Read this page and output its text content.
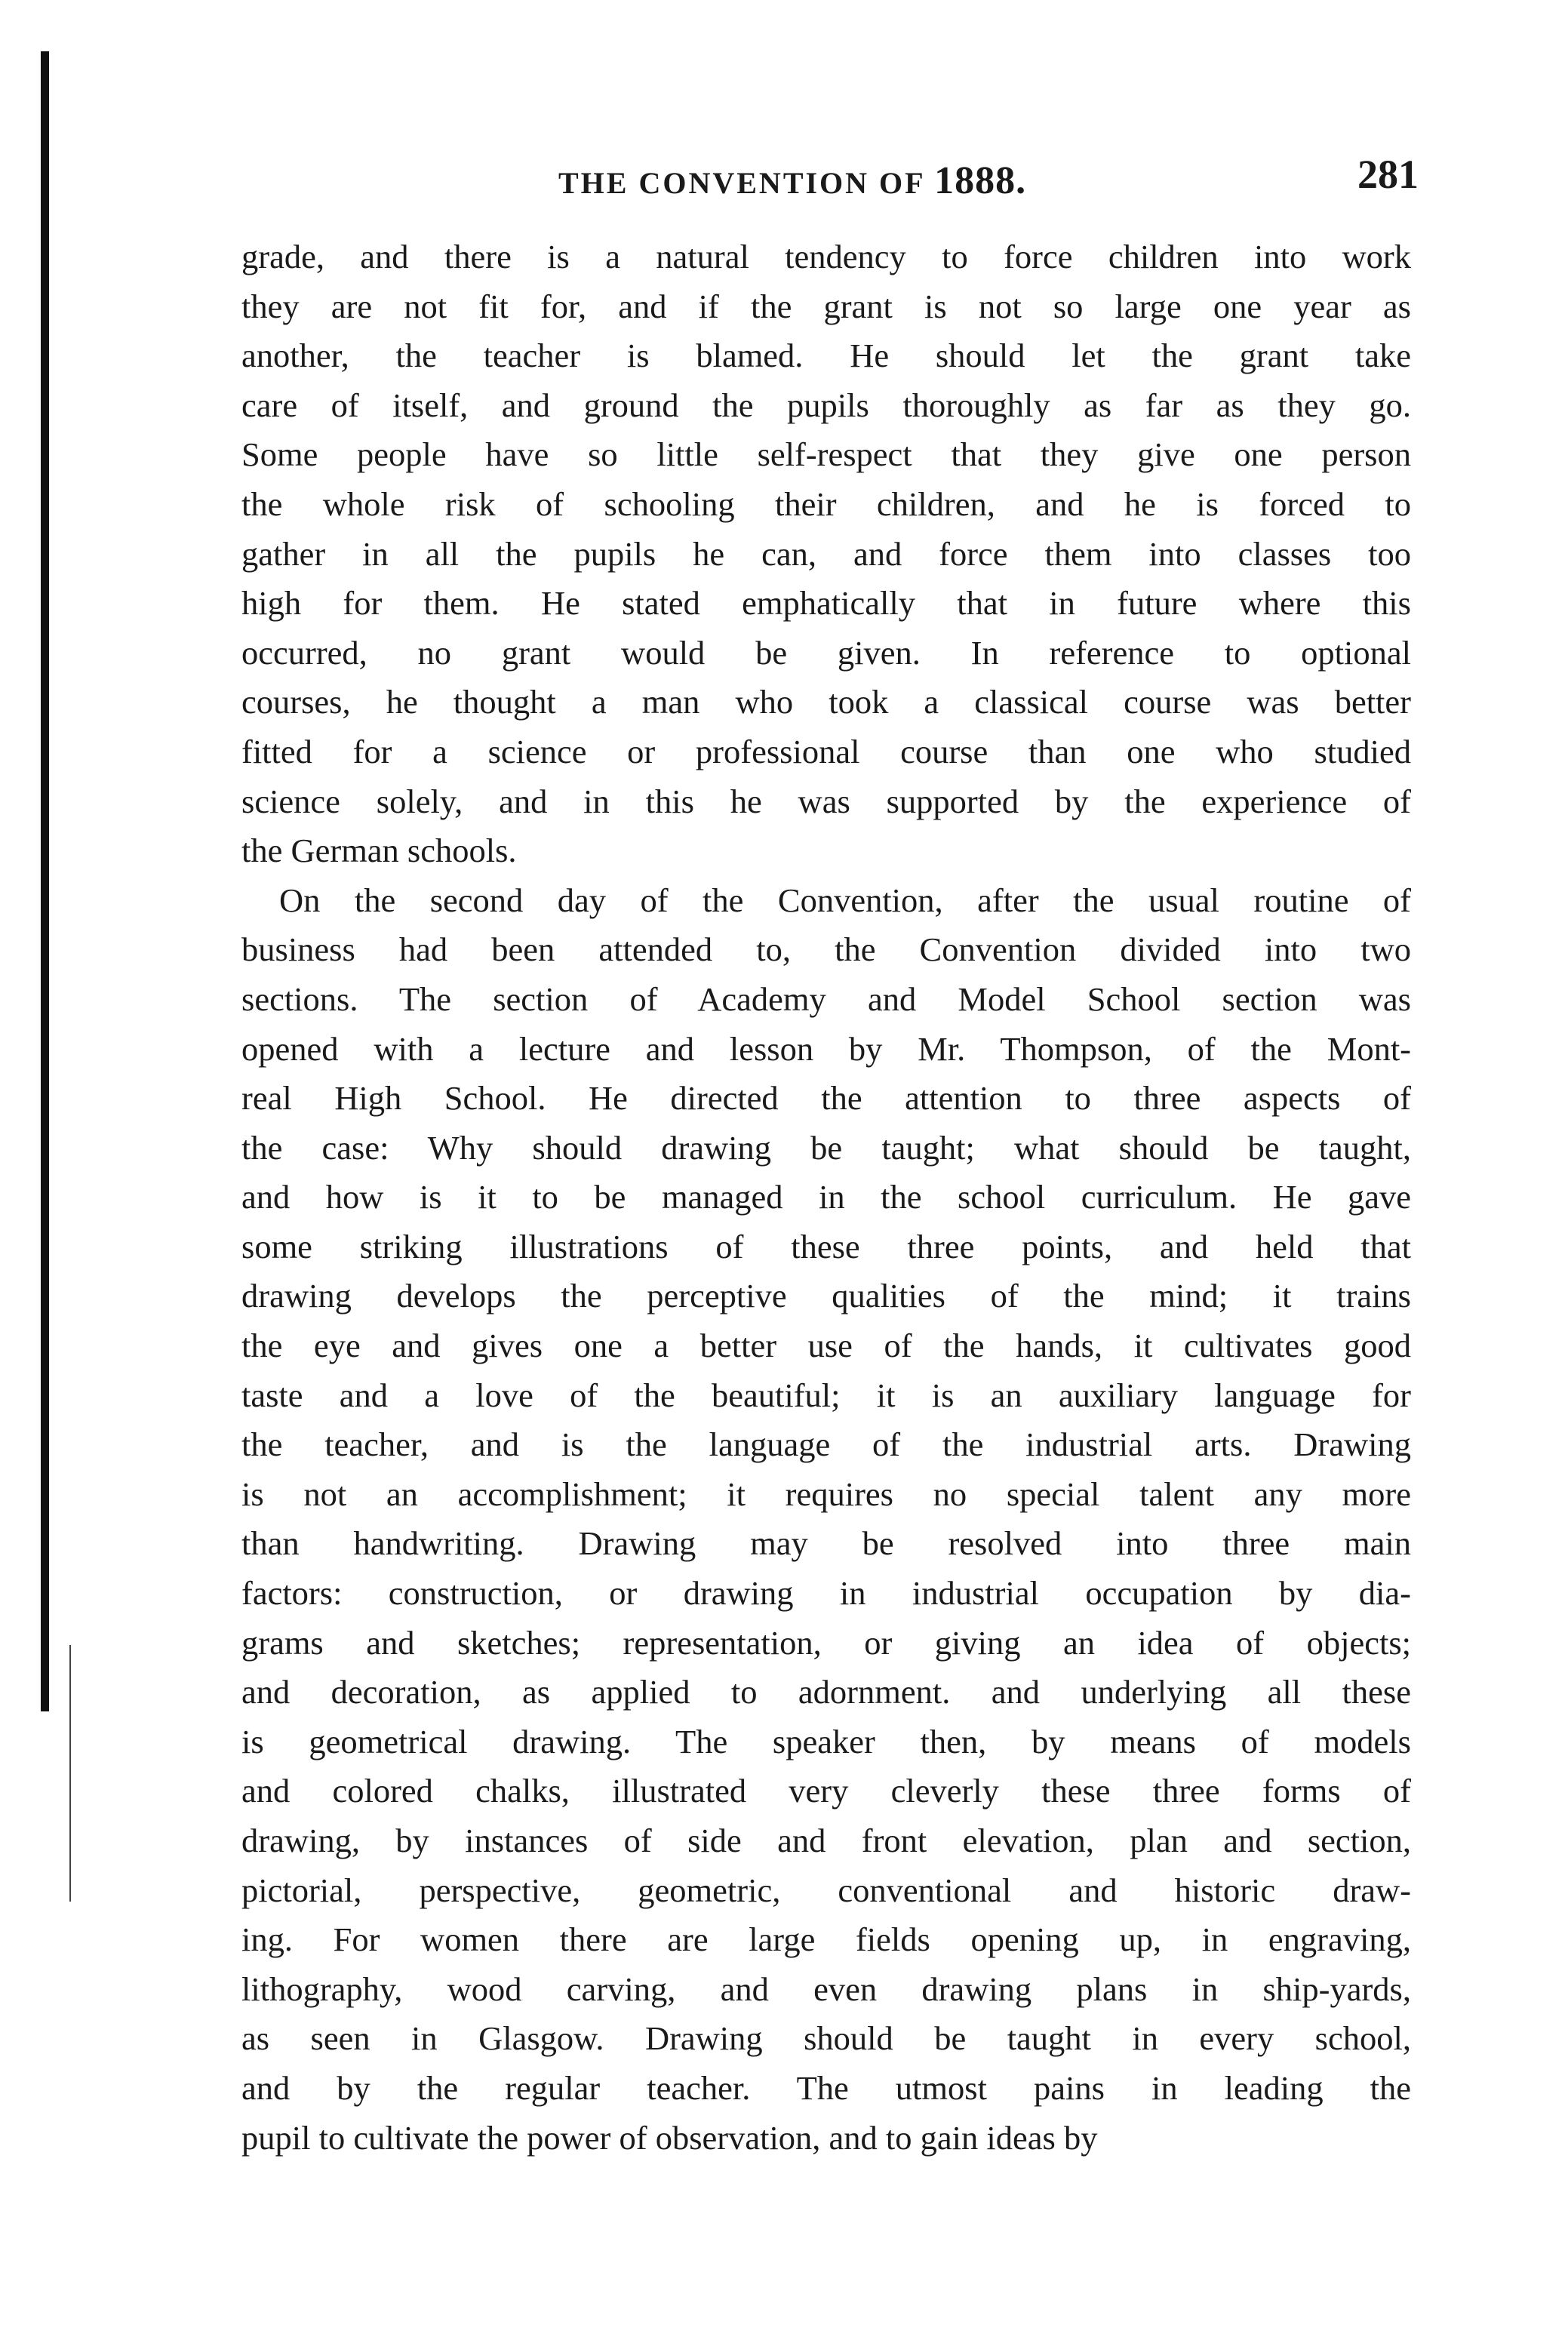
THE CONVENTION OF 1888.	281
grade, and there is a natural tendency to force children into work
they are not fit for, and if the grant is not so large one year as
another, the teacher is blamed. He should let the grant take
care of itself, and ground the pupils thoroughly as far as they go.
Some people have so little self-respect that they give one person
the whole risk of schooling their children, and he is forced to
gather in all the pupils he can, and force them into classes too
high for them. He stated emphatically that in future where this
occurred, no grant would be given. In reference to optional
courses, he thought a man who took a classical course was better
fitted for a science or professional course than one who studied
science solely, and in this he was supported by the experience of
the German schools.
On the second day of the Convention, after the usual routine of
business had been attended to, the Convention divided into two
sections. The section of Academy and Model School section was
opened with a lecture and lesson by Mr. Thompson, of the Mont-
real High School. He directed the attention to three aspects of
the case: Why should drawing be taught; what should be taught,
and how is it to be managed in the school curriculum. He gave
some striking illustrations of these three points, and held that
drawing develops the perceptive qualities of the mind; it trains
the eye and gives one a better use of the hands, it cultivates good
taste and a love of the beautiful; it is an auxiliary language for
the teacher, and is the language of the industrial arts. Drawing
is not an accomplishment; it requires no special talent any more
than handwriting. Drawing may be resolved into three main
factors: construction, or drawing in industrial occupation by dia-
grams and sketches; representation, or giving an idea of objects;
and decoration, as applied to adornment. and underlying all these
is geometrical drawing. The speaker then, by means of models
and colored chalks, illustrated very cleverly these three forms of
drawing, by instances of side and front elevation, plan and section,
pictorial, perspective, geometric, conventional and historic draw-
ing. For women there are large fields opening up, in engraving,
lithography, wood carving, and even drawing plans in ship-yards,
as seen in Glasgow. Drawing should be taught in every school,
and by the regular teacher. The utmost pains in leading the
pupil to cultivate the power of observation, and to gain ideas by
